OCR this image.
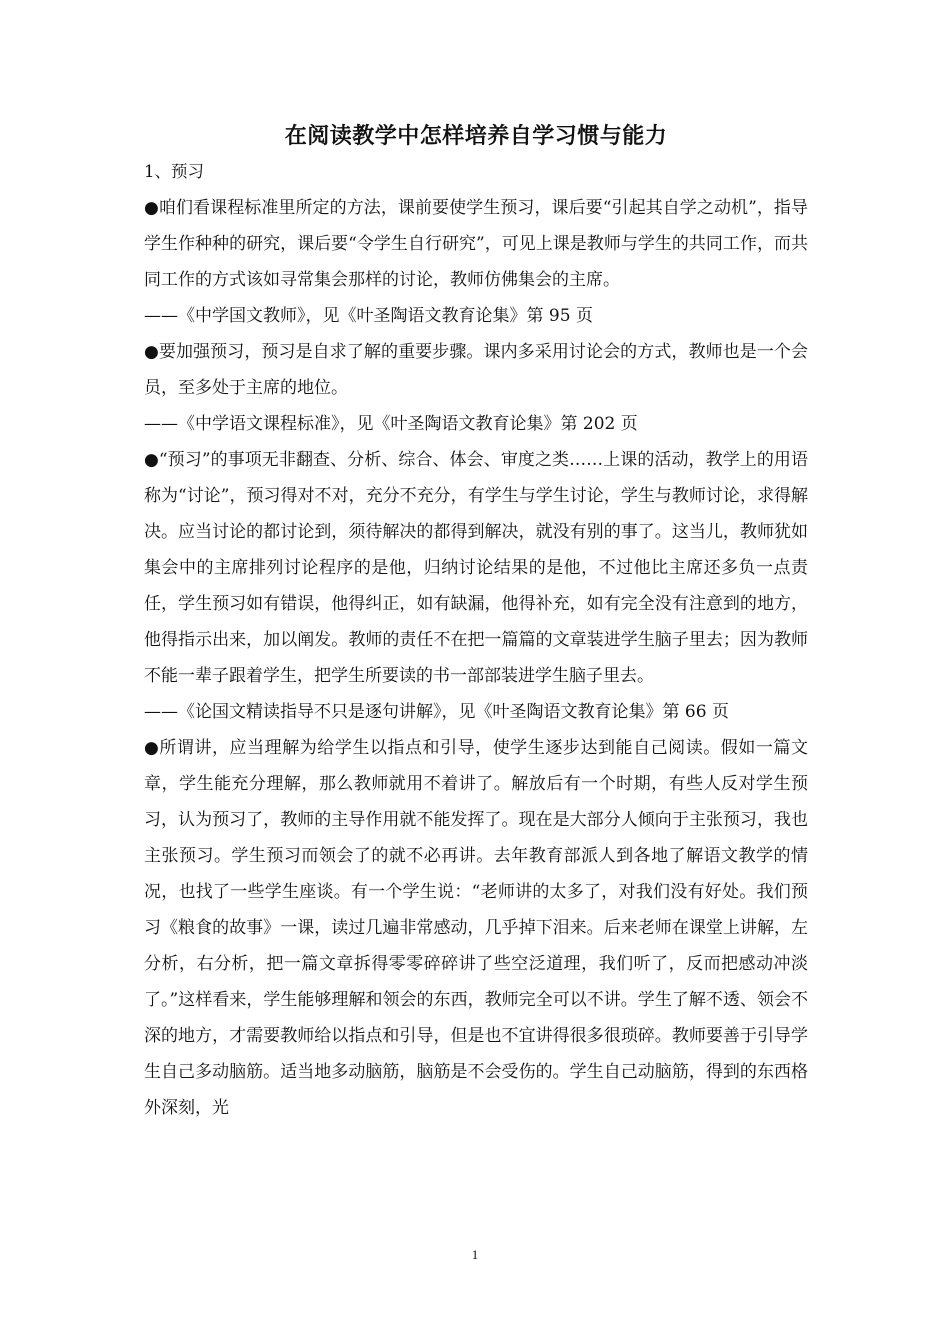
在阅读教学中怎样培养自学习惯与能力

1、预习

●咱们看课程标准里所定的方法，课前要使学生预习，课后要“引起其自学之动机”，指导学生作种种的研究，课后要“令学生自行研究”，可见上课是教师与学生的共同工作，而共同工作的方式该如寻常集会那样的讨论，教师仿佛集会的主席。

——《中学国文教师》，见《叶圣陶语文教育论集》第 95 页

●要加强预习，预习是自求了解的重要步骤。课内多采用讨论会的方式，教师也是一个会员，至多处于主席的地位。

——《中学语文课程标准》，见《叶圣陶语文教育论集》第 202 页

●“预习”的事项无非翻查、分析、综合、体会、审度之类……上课的活动，教学上的用语称为“讨论”，预习得对不对，充分不充分，有学生与学生讨论，学生与教师讨论，求得解决。应当讨论的都讨论到，须待解决的都得到解决，就没有别的事了。这当儿，教师犹如集会中的主席排列讨论程序的是他，归纳讨论结果的是他，不过他比主席还多负一点责任，学生预习如有错误，他得纠正，如有缺漏，他得补充，如有完全没有注意到的地方，他得指示出来，加以阐发。教师的责任不在把一篇篇的文章装进学生脑子里去；因为教师不能一辈子跟着学生，把学生所要读的书一部部装进学生脑子里去。

——《论国文精读指导不只是逐句讲解》，见《叶圣陶语文教育论集》第 66 页

●所谓讲，应当理解为给学生以指点和引导，使学生逐步达到能自己阅读。假如一篇文章，学生能充分理解，那么教师就用不着讲了。解放后有一个时期，有些人反对学生预习，认为预习了，教师的主导作用就不能发挥了。现在是大部分人倾向于主张预习，我也主张预习。学生预习而领会了的就不必再讲。去年教育部派人到各地了解语文教学的情况，也找了一些学生座谈。有一个学生说：“老师讲的太多了，对我们没有好处。我们预习《粮食的故事》一课，读过几遍非常感动，几乎掉下泪来。后来老师在课堂上讲解，左分析，右分析，把一篇文章拆得零零碎碎讲了些空泛道理，我们听了，反而把感动冲淡了。”这样看来，学生能够理解和领会的东西，教师完全可以不讲。学生了解不透、领会不深的地方，才需要教师给以指点和引导，但是也不宜讲得很多很琐碎。教师要善于引导学生自己多动脑筋。适当地多动脑筋，脑筋是不会受伤的。学生自己动脑筋，得到的东西格外深刻，光

1
